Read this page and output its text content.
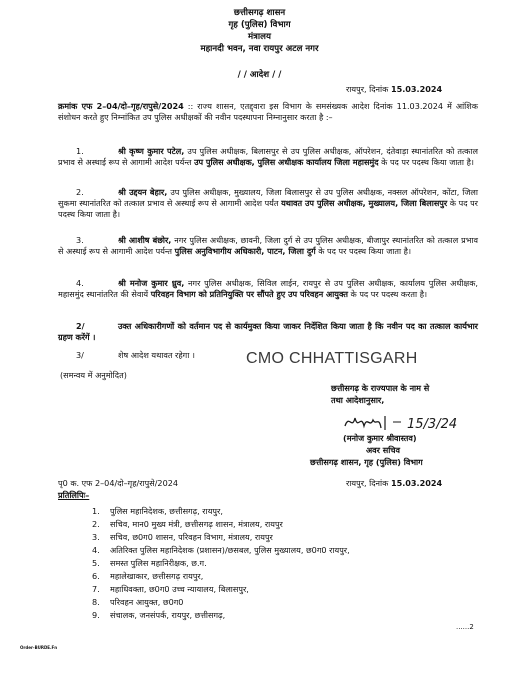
छत्तीसगढ़ शासन
गृह (पुलिस) विभाग
मंत्रालय
महानदी भवन, नवा रायपुर अटल नगर
/ / आदेश / /
रायपुर, दिनांक 15.03.2024
क्रमांक एफ 2–04/दो–गृह/रापुसे/2024 :: राज्य शासन, एतद्द्वारा इस विभाग के समसंख्यक आदेश दिनांक 11.03.2024 में आंशिक संशोधन करते हुए निम्नांकित उप पुलिस अधीक्षकों की नवीन पदस्थापना निम्नानुसार करता है :–
1.	श्री कृष्ण कुमार पटेल, उप पुलिस अधीक्षक, बिलासपुर से उप पुलिस अधीक्षक, ऑपरेशन, दंतेवाड़ा स्थानांतरित को तत्काल प्रभाव से अस्थाई रूप से आगामी आदेश पर्यन्त उप पुलिस अधीक्षक, पुलिस अधीक्षक कार्यालय जिला महासमुंद के पद पर पदस्थ किया जाता है।
2.	श्री उद्दयन बेहार, उप पुलिस अधीक्षक, मुख्यालय, जिला बिलासपुर से उप पुलिस अधीक्षक, नक्सल ऑपरेशन, कोंटा, जिला सुकमा स्थानांतरित को तत्काल प्रभाव से अस्थाई रूप से आगामी आदेश पर्यंत यथावत उप पुलिस अधीक्षक, मुख्यालय, जिला बिलासपुर के पद पर पदस्थ किया जाता है।
3.	श्री आशीष बंछोर, नगर पुलिस अधीक्षक, छावनी, जिला दुर्ग से उप पुलिस अधीक्षक, बीजापुर स्थानांतरित को तत्काल प्रभाव से अस्थाई रूप से आगामी आदेश पर्यन्त पुलिस अनुविभागीय अधिकारी, पाटन, जिला दुर्ग के पद पर पदस्थ किया जाता है।
4.	श्री मनोज कुमार ध्रुव, नगर पुलिस अधीक्षक, सिविल लाईन, रायपुर से उप पुलिस अधीक्षक, कार्यालय पुलिस अधीक्षक, महासमुंद स्थानांतरित की सेवायें परिवहन विभाग को प्रतिनियुक्ति पर सौंपते हुए उप परिवहन आयुक्त के पद पर पदस्थ करता है।
2/	उक्त अधिकारीगणों को वर्तमान पद से कार्यमुक्त किया जाकर निर्देशित किया जाता है कि नवीन पद का तत्काल कार्यभार ग्रहण करेंगें ।
3/	शेष आदेश यथावत रहेगा ।	CMO CHHATTISGARH
(समन्वय में अनुमोदित)
छत्तीसगढ़ के राज्यपाल के नाम से
तथा आदेशानुसार,
15/3/24
(मनोज कुमार श्रीवास्तव)
अवर सचिव
छत्तीसगढ़ शासन, गृह (पुलिस) विभाग
पृ0 क. एफ 2–04/दो–गृह/रापुसे/2024	रायपुर, दिनांक 15.03.2024
प्रतिलिपिः–
1. पुलिस महानिदेशक, छत्तीसगढ़, रायपुर,
2. सचिव, मान0 मुख्य मंत्री, छत्तीसगढ़ शासन, मंत्रालय, रायपुर
3. सचिव, छ0ग0 शासन, परिवहन विभाग, मंत्रालय, रायपुर
4. अतिरिक्त पुलिस महानिदेशक (प्रशासन)/छसबल, पुलिस मुख्यालय, छ0ग0 रायपुर,
5. समस्त पुलिस महानिरीक्षक, छ.ग.
6. महालेखाकार, छत्तीसगढ़ रायपुर,
7. महाधिवक्ता, छ0ग0 उच्च न्यायालय, बिलासपुर,
8. परिवहन आयुक्त, छ0ग0
9. संचालक, जनसंपर्क, रायपुर, छत्तीसगढ़,
......2
Order-BURDE.Fn
